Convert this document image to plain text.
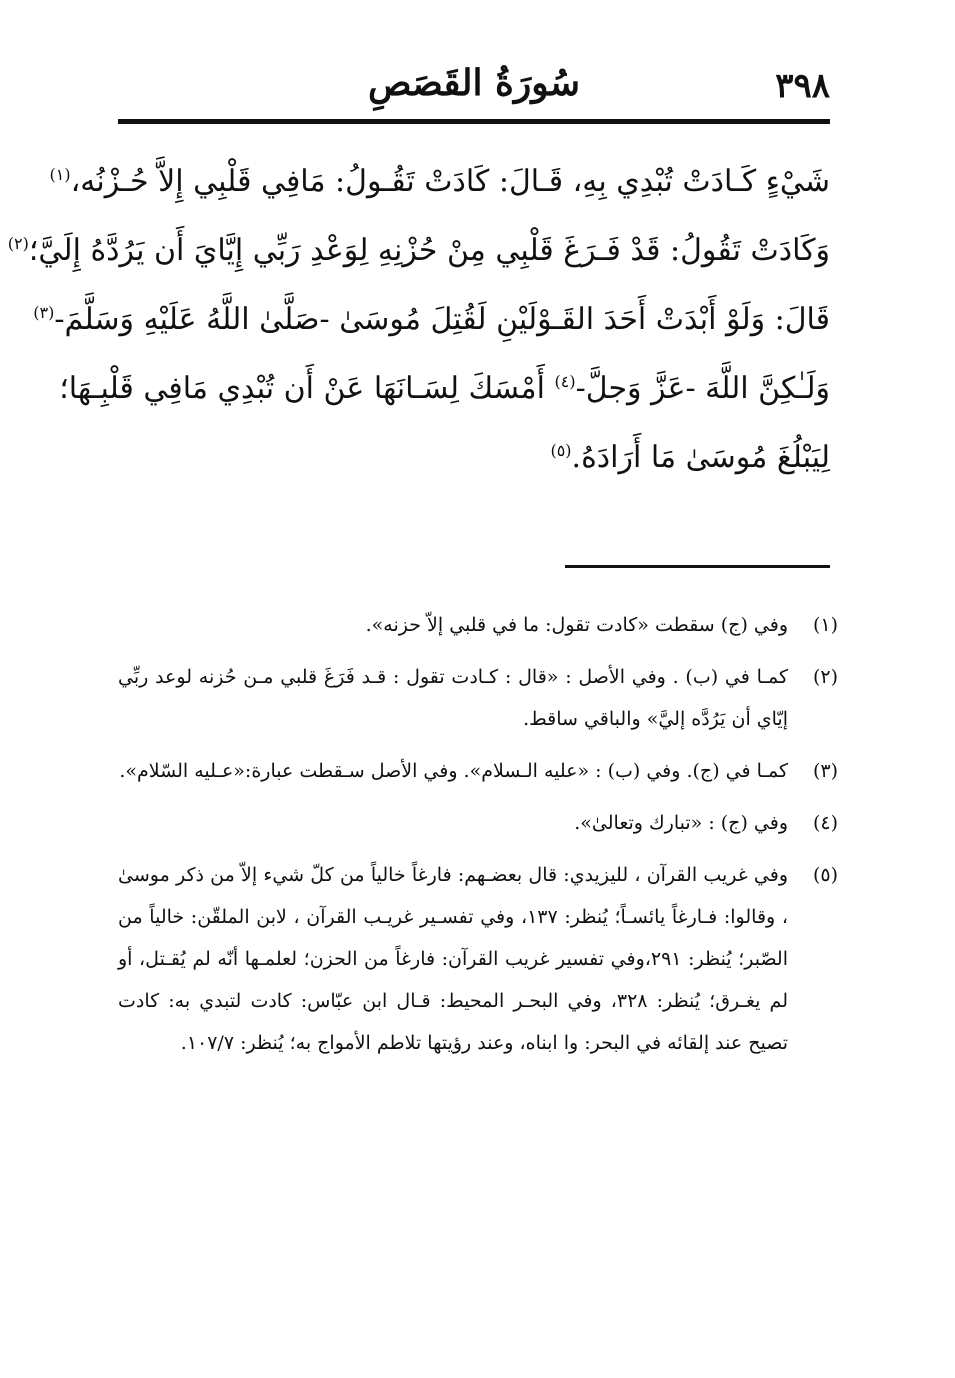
٣٩٨
سُورَةُ القَصَصِ
شَيْءٍ كَـادَتْ تُبْدِي بِهِ، قَـالَ: كَادَتْ تَقُـولُ: مَافِي قَلْبِي إِلاَّ حُـزْنُه،$^{(١)}$
وَكَادَتْ تَقُولُ: قَدْ فَـرَغَ قَلْبِي مِنْ حُزْنِهِ لِوَعْدِ رَبِّي إِيَّايَ أَن يَرُدَّهُ إِلَيَّ؛$^{(٢)}$
قَالَ: وَلَوْ أَبْدَتْ أَحَدَ القَـوْلَيْنِ لَقُتِلَ مُوسَىٰ -صَلَّىٰ اللَّهُ عَلَيْهِ وَسَلَّمَ-$^{(٣)}$
وَلَـٰكِنَّ اللَّهَ -عَزَّ وَجلَّ-$^{(٤)}$ أَمْسَكَ لِسَـانَهَا عَنْ أَن تُبْدِي مَافِي قَلْبِـهَا؛
لِيَبْلُغَ مُوسَىٰ مَا أَرَادَهُ.$^{(٥)}$
(١)
وفي (ج) سقطت «كادت تقول: ما في قلبي إلاّ حزنه».
(٢)
كمـا في (ب) . وفي الأصل : «قال : كـادت تقول : قـد فَرَغَ قلبي مـن حُزنه لوعد ربِّي إيّاي أن يَرُدَّه إليَّ» والباقي ساقط.
(٣)
كمـا في (ج). وفي (ب) : «عليه الـسلام». وفي الأصل سـقطت عبارة:«عـليه السّلام».
(٤)
وفي (ج) : «تبارك وتعالىٰ».
(٥)
وفي غريب القرآن ، لليزيدي: قال بعضـهم: فارغاً خالياً من كلّ شيء إلاّ من ذكر موسىٰ ، وقالوا: فـارغاً يائسـاً؛ يُنظر: ١٣٧، وفي تفسـير غريـب القرآن ، لابن الملقّن: خالياً من الصّبر؛ يُنظر: ٢٩١،وفي تفسير غريب القرآن: فارغاً من الحزن؛ لعلمـها أنّه لم يُقـتل، أو لم يغـرق؛ يُنظر: ٣٢٨، وفي البحـر المحيط: قـال ابن عبّاس: كادت لتبدي به: كادت تصيح عند إلقائه في البحر: وا ابناه، وعند رؤيتها تلاطم الأمواج به؛ يُنظر: ١٠٧/٧.
